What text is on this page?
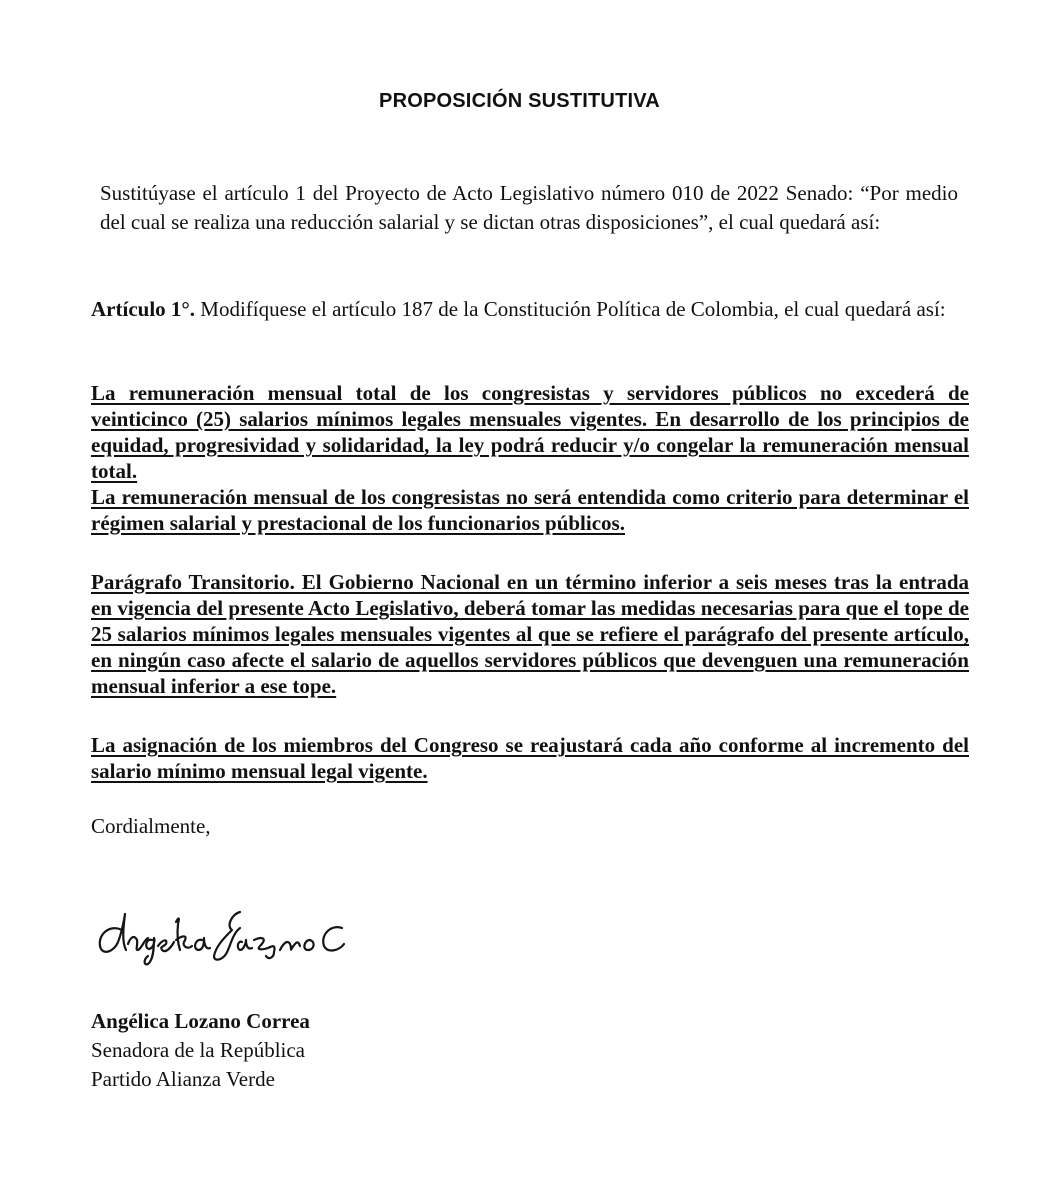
PROPOSICIÓN SUSTITUTIVA
Sustitúyase el artículo 1 del Proyecto de Acto Legislativo número 010 de 2022 Senado: “Por medio del cual se realiza una reducción salarial y se dictan otras disposiciones”, el cual quedará así:
Artículo 1°. Modifíquese el artículo 187 de la Constitución Política de Colombia, el cual quedará así:

La remuneración mensual total de los congresistas y servidores públicos no excederá de veinticinco (25) salarios mínimos legales mensuales vigentes. En desarrollo de los principios de equidad, progresividad y solidaridad, la ley podrá reducir y/o congelar la remuneración mensual total.

La remuneración mensual de los congresistas no será entendida como criterio para determinar el régimen salarial y prestacional de los funcionarios públicos.

Parágrafo Transitorio. El Gobierno Nacional en un término inferior a seis meses tras la entrada en vigencia del presente Acto Legislativo, deberá tomar las medidas necesarias para que el tope de 25 salarios mínimos legales mensuales vigentes al que se refiere el parágrafo del presente artículo, en ningún caso afecte el salario de aquellos servidores públicos que devenguen una remuneración mensual inferior a ese tope.
La asignación de los miembros del Congreso se reajustará cada año conforme al incremento del salario mínimo mensual legal vigente.
Cordialmente,
Angélica Lozano Correa
Senadora de la República
Partido Alianza Verde
